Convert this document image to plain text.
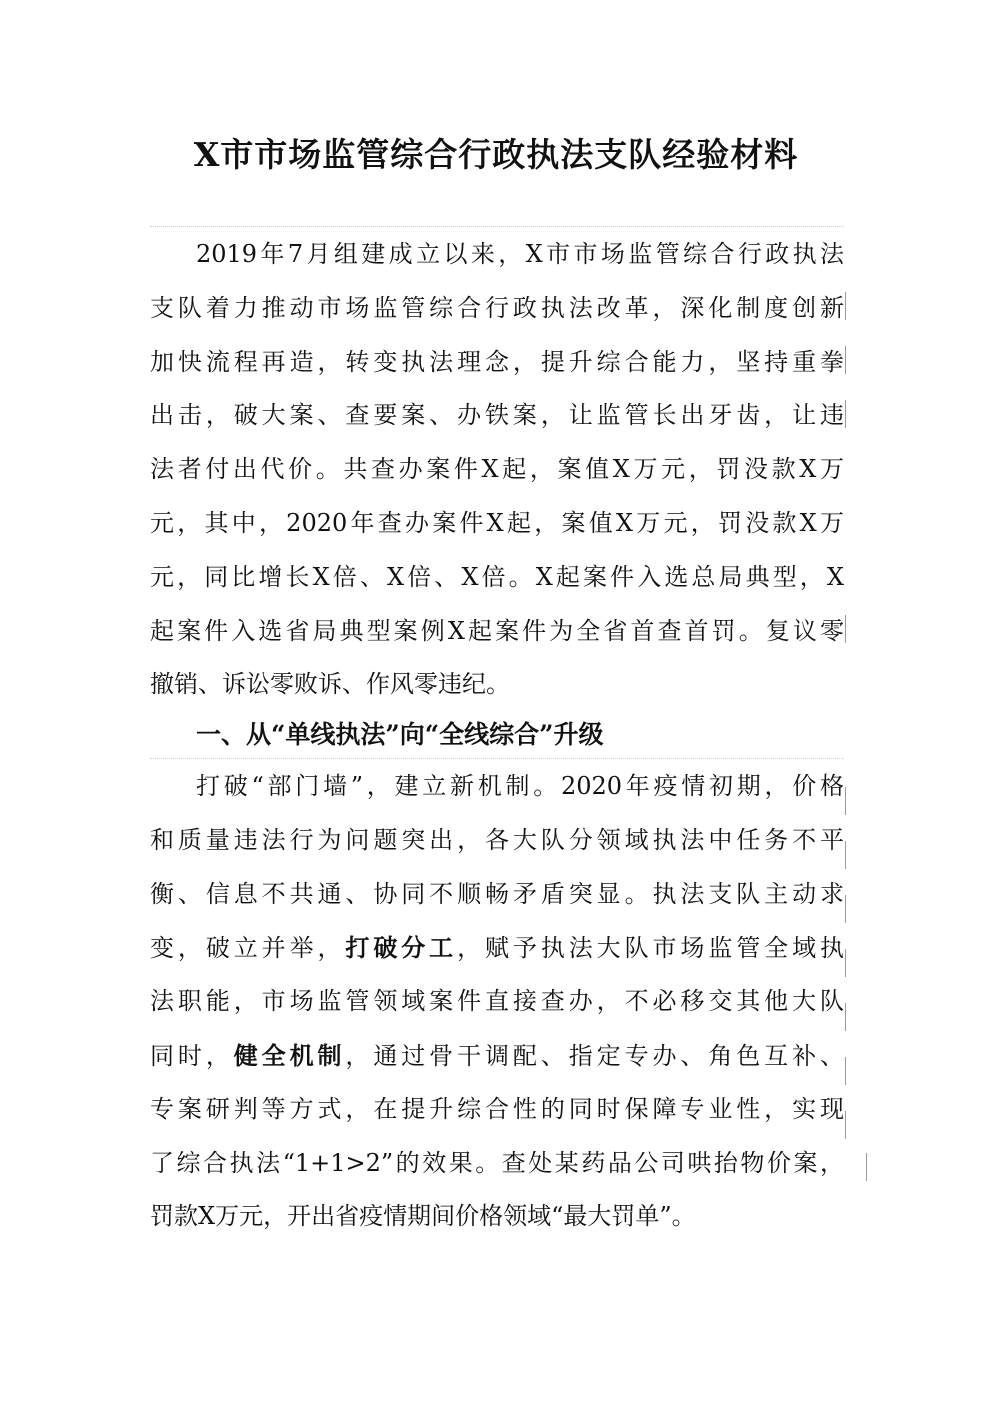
X市市场监管综合行政执法支队经验材料
2019年7月组建成立以来，X市市场监管综合行政执法
支队着力推动市场监管综合行政执法改革，深化制度创新
加快流程再造，转变执法理念，提升综合能力，坚持重拳
出击，破大案、查要案、办铁案，让监管长出牙齿，让违
法者付出代价。共查办案件X起，案值X万元，罚没款X万
元，其中，2020年查办案件X起，案值X万元，罚没款X万
元，同比增长X倍、X倍、X倍。X起案件入选总局典型，X
起案件入选省局典型案例X起案件为全省首查首罚。复议零
撤销、诉讼零败诉、作风零违纪。
一、从“单线执法”向“全线综合”升级
打破“部门墙”，建立新机制。2020年疫情初期，价格
和质量违法行为问题突出，各大队分领域执法中任务不平
衡、信息不共通、协同不顺畅矛盾突显。执法支队主动求
变，破立并举，打破分工，赋予执法大队市场监管全域执
法职能，市场监管领域案件直接查办，不必移交其他大队
同时，健全机制，通过骨干调配、指定专办、角色互补、
专案研判等方式，在提升综合性的同时保障专业性，实现
了综合执法“1+1>2”的效果。查处某药品公司哄抬物价案，
罚款X万元，开出省疫情期间价格领域“最大罚单”。
